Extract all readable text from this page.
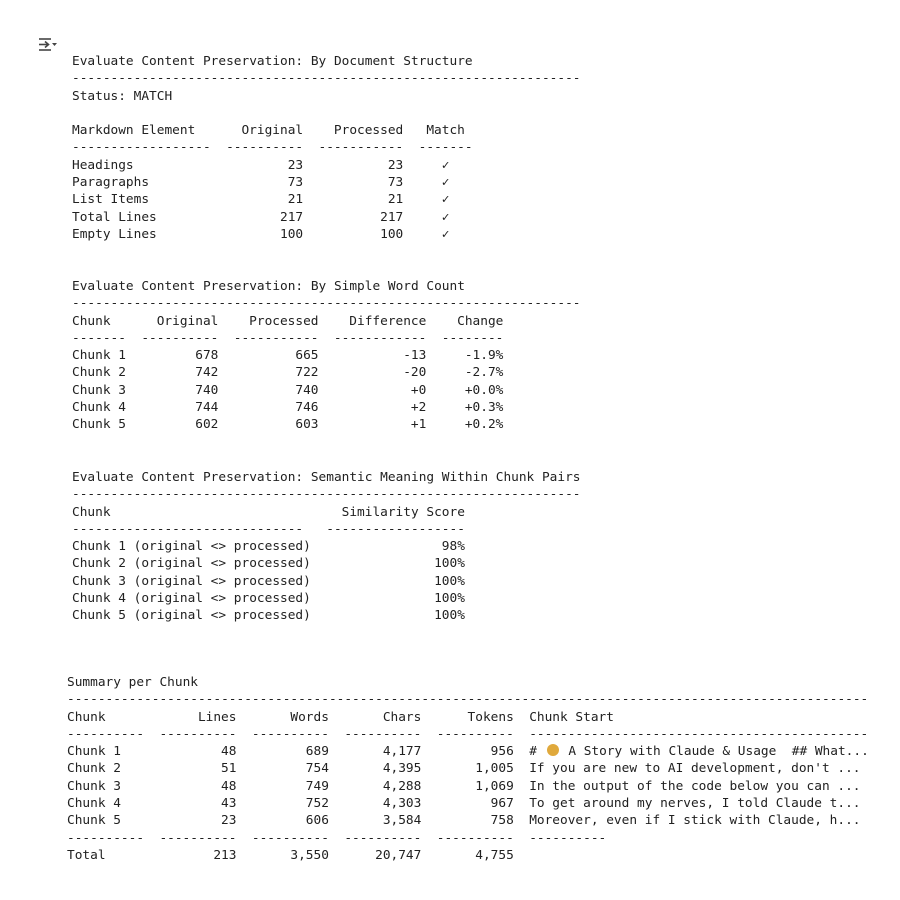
Evaluate Content Preservation: By Document Structure
------------------------------------------------------------------
Status: MATCH
Markdown Element	Original Processed Match
------------------ ---------- ----------- -------
Headings	23	23	✓
Paragraphs	73	73	✓
List Items	21	21	✓
Total Lines	217	217	✓
Empty Lines	100	100	✓
Evaluate Content Preservation: By Simple Word Count
------------------------------------------------------------------
Chunk	Original Processed Difference Change
------- ---------- ----------- ------------ --------
Chunk 1	678	665	-13	-1.9%
Chunk 2	742	722	-20	-2.7%
Chunk 3	740	740	+0	+0.0%
Chunk 4	744	746	+2	+0.3%
Chunk 5	602	603	+1	+0.2%
Evaluate Content Preservation: Semantic Meaning Within Chunk Pairs
------------------------------------------------------------------
Chunk	Similarity Score
------------------------------ ------------------
Chunk 1 (original <> processed)	98%
Chunk 2 (original <> processed)	100%
Chunk 3 (original <> processed)	100%
Chunk 4 (original <> processed)	100%
Chunk 5 (original <> processed)	100%
Summary per Chunk
--------------------------------------------------------------------------------------------------------
Chunk	Lines	Words	Chars	Tokens Chunk Start
---------- ---------- ---------- ---------- ---------- --------------------------------------------
Chunk 1	48	689	4,177	956 #  A Story with Claude & Usage  ## What...
Chunk 2	51	754	4,395	1,005 If you are new to AI development, don't ...
Chunk 3	48	749	4,288	1,069 In the output of the code below you can ...
Chunk 4	43	752	4,303	967 To get around my nerves, I told Claude t...
Chunk 5	23	606	3,584	758 Moreover, even if I stick with Claude, h...
---------- ---------- ---------- ---------- ---------- ----------
Total	213	3,550	20,747	4,755
